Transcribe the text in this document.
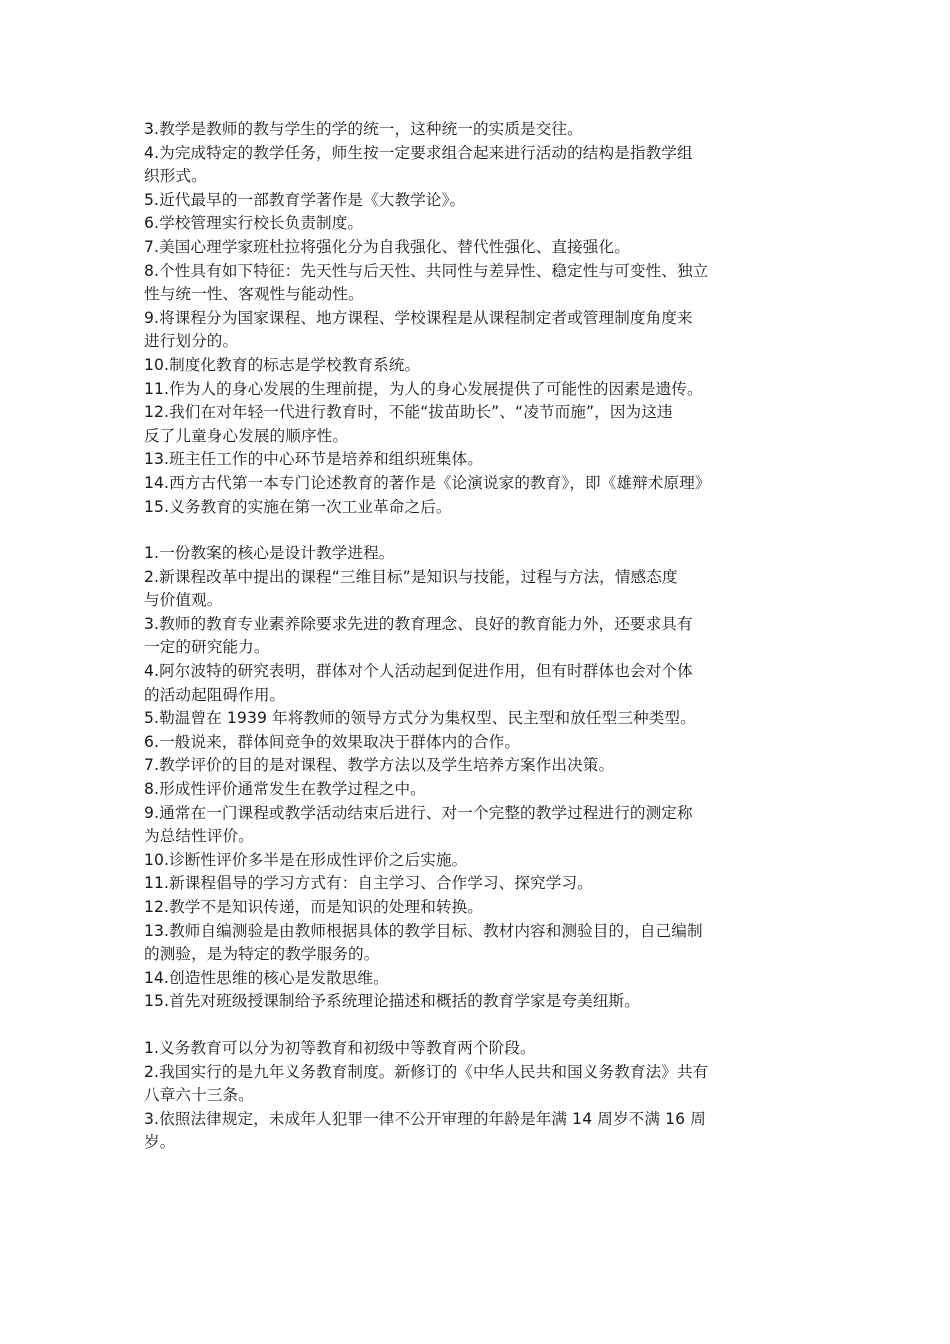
3.教学是教师的教与学生的学的统一，这种统一的实质是交往。
4.为完成特定的教学任务，师生按一定要求组合起来进行活动的结构是指教学组
织形式。
5.近代最早的一部教育学著作是《大教学论》。
6.学校管理实行校长负责制度。
7.美国心理学家班杜拉将强化分为自我强化、替代性强化、直接强化。
8.个性具有如下特征：先天性与后天性、共同性与差异性、稳定性与可变性、独立
性与统一性、客观性与能动性。
9.将课程分为国家课程、地方课程、学校课程是从课程制定者或管理制度角度来
进行划分的。
10.制度化教育的标志是学校教育系统。
11.作为人的身心发展的生理前提，为人的身心发展提供了可能性的因素是遗传。
12.我们在对年轻一代进行教育时，不能“拔苗助长”、“凌节而施”，因为这违
反了儿童身心发展的顺序性。
13.班主任工作的中心环节是培养和组织班集体。
14.西方古代第一本专门论述教育的著作是《论演说家的教育》，即《雄辩术原理》
15.义务教育的实施在第一次工业革命之后。
1.一份教案的核心是设计教学进程。
2.新课程改革中提出的课程“三维目标”是知识与技能，过程与方法，情感态度
与价值观。
3.教师的教育专业素养除要求先进的教育理念、良好的教育能力外，还要求具有
一定的研究能力。
4.阿尔波特的研究表明，群体对个人活动起到促进作用，但有时群体也会对个体
的活动起阻碍作用。
5.勒温曾在 1939 年将教师的领导方式分为集权型、民主型和放任型三种类型。
6.一般说来，群体间竞争的效果取决于群体内的合作。
7.教学评价的目的是对课程、教学方法以及学生培养方案作出决策。
8.形成性评价通常发生在教学过程之中。
9.通常在一门课程或教学活动结束后进行、对一个完整的教学过程进行的测定称
为总结性评价。
10.诊断性评价多半是在形成性评价之后实施。
11.新课程倡导的学习方式有：自主学习、合作学习、探究学习。
12.教学不是知识传递，而是知识的处理和转换。
13.教师自编测验是由教师根据具体的教学目标、教材内容和测验目的，自己编制
的测验，是为特定的教学服务的。
14.创造性思维的核心是发散思维。
15.首先对班级授课制给予系统理论描述和概括的教育学家是夸美纽斯。
1.义务教育可以分为初等教育和初级中等教育两个阶段。
2.我国实行的是九年义务教育制度。新修订的《中华人民共和国义务教育法》共有
八章六十三条。
3.依照法律规定，未成年人犯罪一律不公开审理的年龄是年满 14 周岁不满 16 周
岁。
